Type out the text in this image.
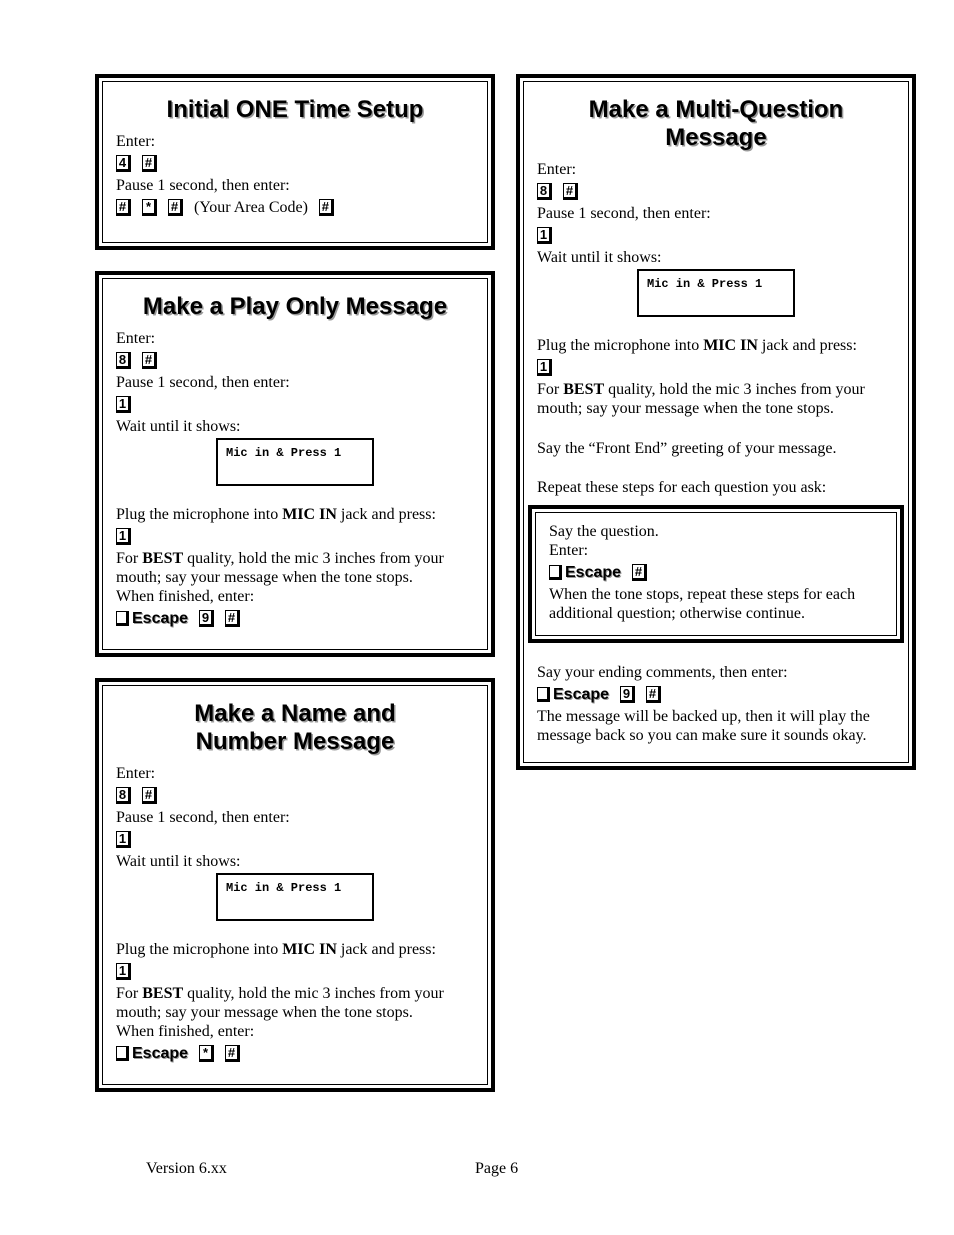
Initial ONE Time Setup
Enter:
4	#
Pause 1 second, then enter:
#	*	# (Your Area Code) #
Make a Play Only Message
Enter:
8	#
Pause 1 second, then enter:
1
Wait until it shows:
Mic in & Press 1
Plug the microphone into MIC IN jack and press:
1
For BEST quality, hold the mic 3 inches from your mouth; say your message when the tone stops.
When finished, enter:
Escape 9	#
Make a Name and Number Message
Enter:
8	#
Pause 1 second, then enter:
1
Wait until it shows:
Mic in & Press 1
Plug the microphone into MIC IN jack and press:
1
For BEST quality, hold the mic 3 inches from your mouth; say your message when the tone stops.
When finished, enter:
Escape	*	#
Make a Multi-Question Message
Enter:
8	#
Pause 1 second, then enter:
1
Wait until it shows:
Mic in & Press 1
Plug the microphone into MIC IN jack and press:
1
For BEST quality, hold the mic 3 inches from your mouth; say your message when the tone stops.
Say the “Front End” greeting of your message.
Repeat these steps for each question you ask:
Say the question.
Enter:
Escape #
When the tone stops, repeat these steps for each additional question; otherwise continue.
Say your ending comments, then enter:
Escape 9	#
The message will be backed up, then it will play the message back so you can make sure it sounds okay.
Version 6.xx	Page 6
